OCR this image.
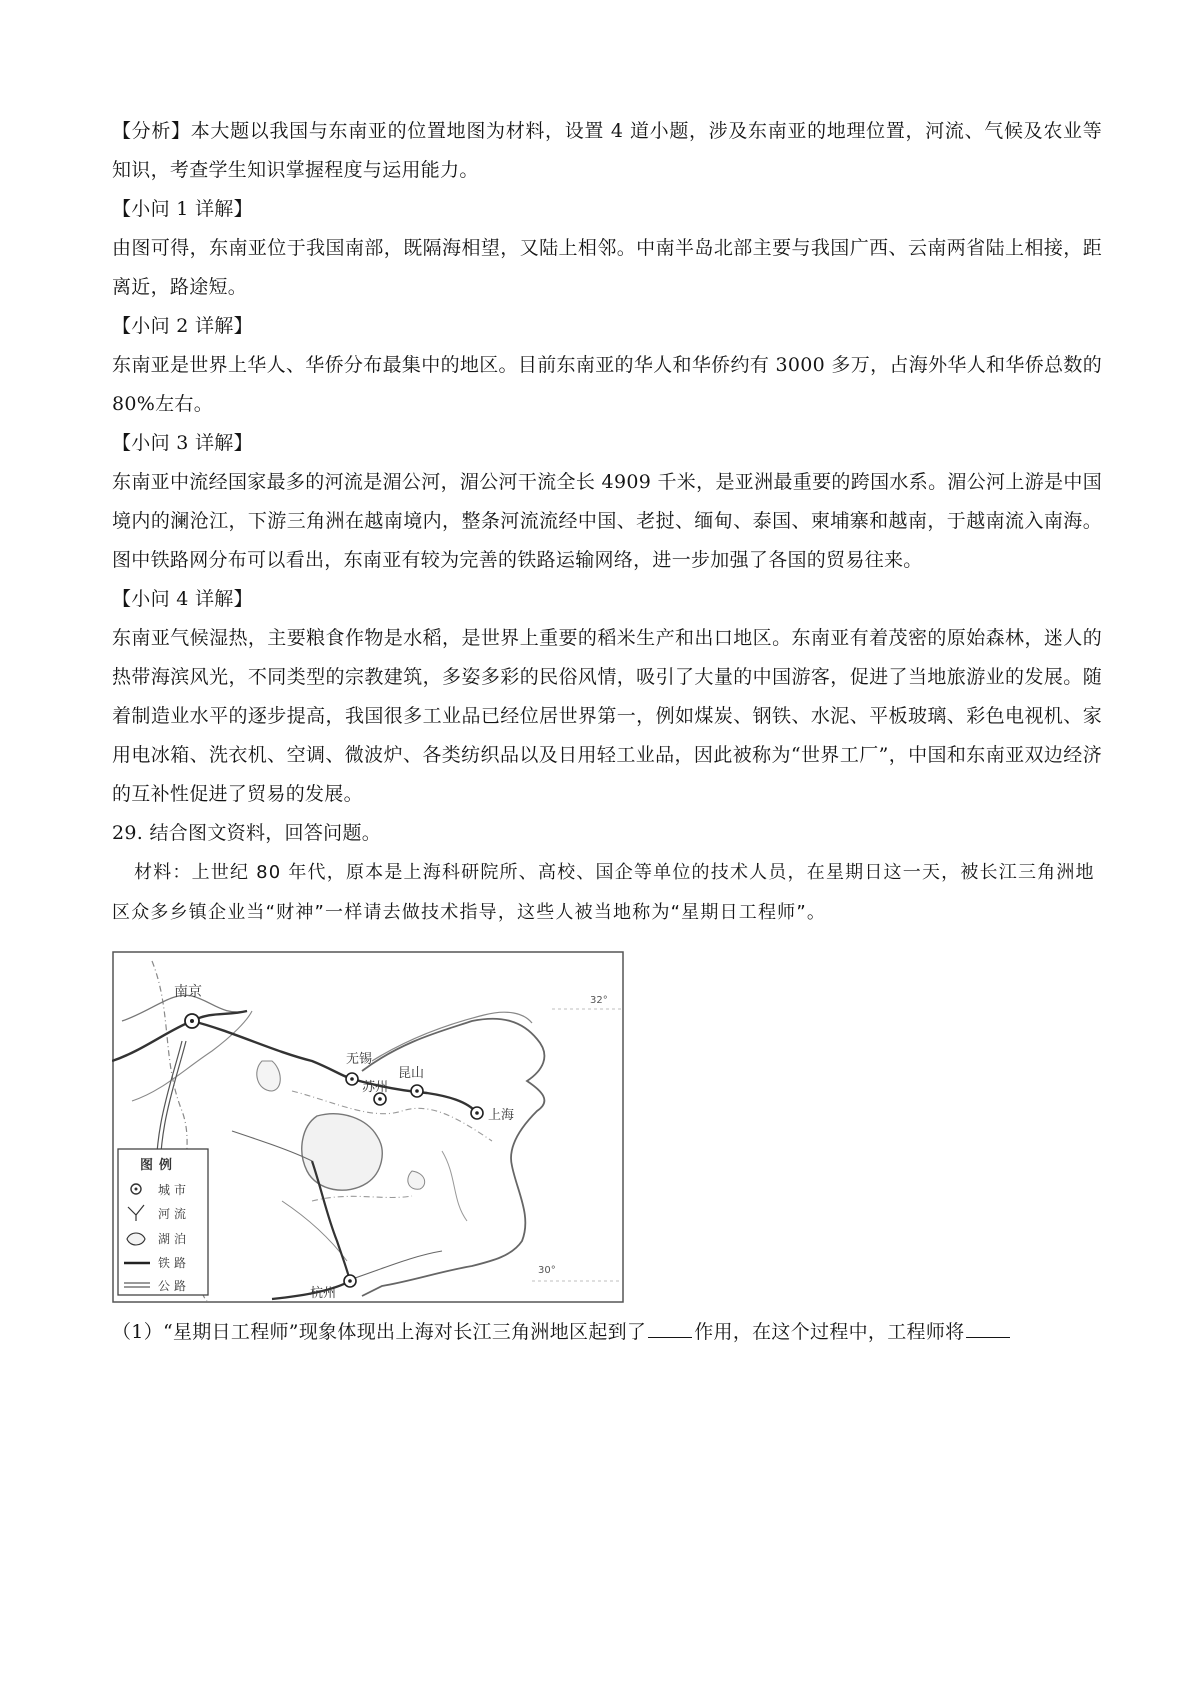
【分析】本大题以我国与东南亚的位置地图为材料，设置 4 道小题，涉及东南亚的地理位置，河流、气候及农业等知识，考查学生知识掌握程度与运用能力。

【小问 1 详解】

由图可得，东南亚位于我国南部，既隔海相望，又陆上相邻。中南半岛北部主要与我国广西、云南两省陆上相接，距离近，路途短。

【小问 2 详解】

东南亚是世界上华人、华侨分布最集中的地区。目前东南亚的华人和华侨约有 3000 多万，占海外华人和华侨总数的 80%左右。

【小问 3 详解】

东南亚中流经国家最多的河流是湄公河，湄公河干流全长 4909 千米，是亚洲最重要的跨国水系。湄公河上游是中国境内的澜沧江，下游三角洲在越南境内，整条河流流经中国、老挝、缅甸、泰国、柬埔寨和越南，于越南流入南海。图中铁路网分布可以看出，东南亚有较为完善的铁路运输网络，进一步加强了各国的贸易往来。

【小问 4 详解】

东南亚气候湿热，主要粮食作物是水稻，是世界上重要的稻米生产和出口地区。东南亚有着茂密的原始森林，迷人的热带海滨风光，不同类型的宗教建筑，多姿多彩的民俗风情，吸引了大量的中国游客，促进了当地旅游业的发展。随着制造业水平的逐步提高，我国很多工业品已经位居世界第一，例如煤炭、钢铁、水泥、平板玻璃、彩色电视机、家用电冰箱、洗衣机、空调、微波炉、各类纺织品以及日用轻工业品，因此被称为“世界工厂”，中国和东南亚双边经济的互补性促进了贸易的发展。

29. 结合图文资料，回答问题。

材料：上世纪 80 年代，原本是上海科研院所、高校、国企等单位的技术人员，在星期日这一天，被长江三角洲地区众多乡镇企业当“财神”一样请去做技术指导，这些人被当地称为“星期日工程师”。

32°
30°
南京
无锡
苏州
昆山
上海
杭州
图例
城市
河流
湖泊
铁路
公路
（1）“星期日工程师”现象体现出上海对长江三角洲地区起到了	作用，在这个过程中，工程师将
